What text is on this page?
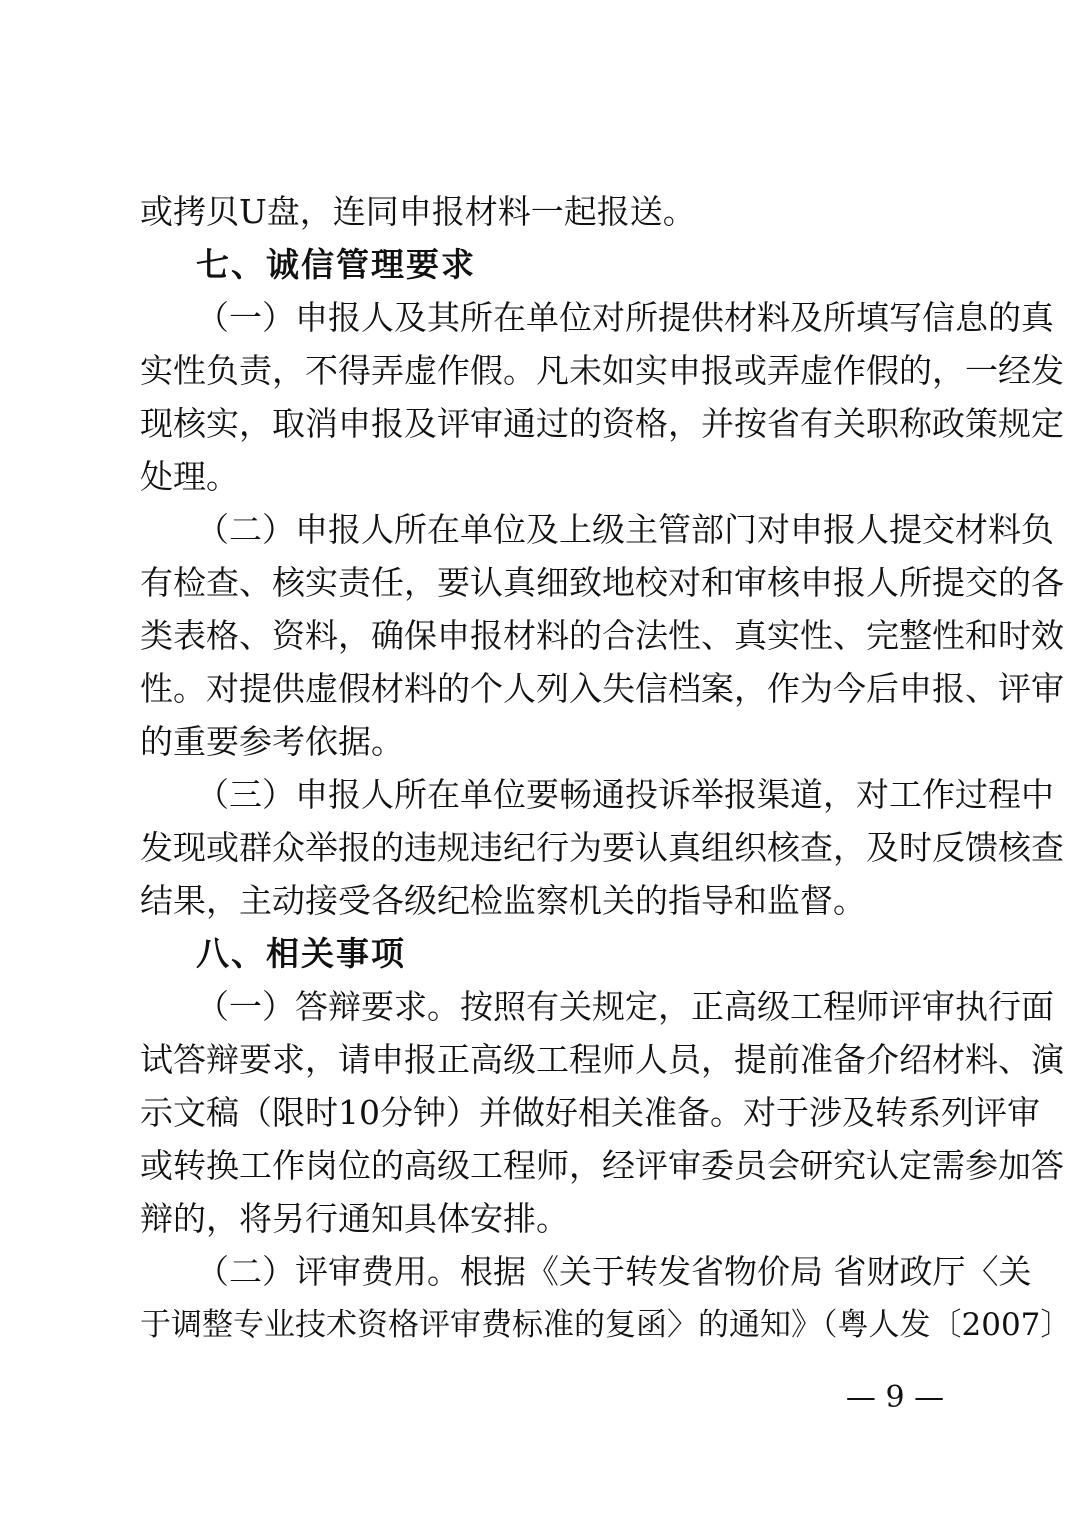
或拷贝U盘，连同申报材料一起报送。
七、诚信管理要求
（一）申报人及其所在单位对所提供材料及所填写信息的真
实性负责，不得弄虚作假。凡未如实申报或弄虚作假的，一经发
现核实，取消申报及评审通过的资格，并按省有关职称政策规定
处理。
（二）申报人所在单位及上级主管部门对申报人提交材料负
有检查、核实责任，要认真细致地校对和审核申报人所提交的各
类表格、资料，确保申报材料的合法性、真实性、完整性和时效
性。对提供虚假材料的个人列入失信档案，作为今后申报、评审
的重要参考依据。
（三）申报人所在单位要畅通投诉举报渠道，对工作过程中
发现或群众举报的违规违纪行为要认真组织核查，及时反馈核查
结果，主动接受各级纪检监察机关的指导和监督。
八、相关事项
（一）答辩要求。按照有关规定，正高级工程师评审执行面
试答辩要求，请申报正高级工程师人员，提前准备介绍材料、演
示文稿（限时10分钟）并做好相关准备。对于涉及转系列评审
或转换工作岗位的高级工程师，经评审委员会研究认定需参加答
辩的，将另行通知具体安排。
（二）评审费用。根据《关于转发省物价局 省财政厅〈关
于调整专业技术资格评审费标准的复函〉的通知》（粤人发〔2007〕
— 9 —
